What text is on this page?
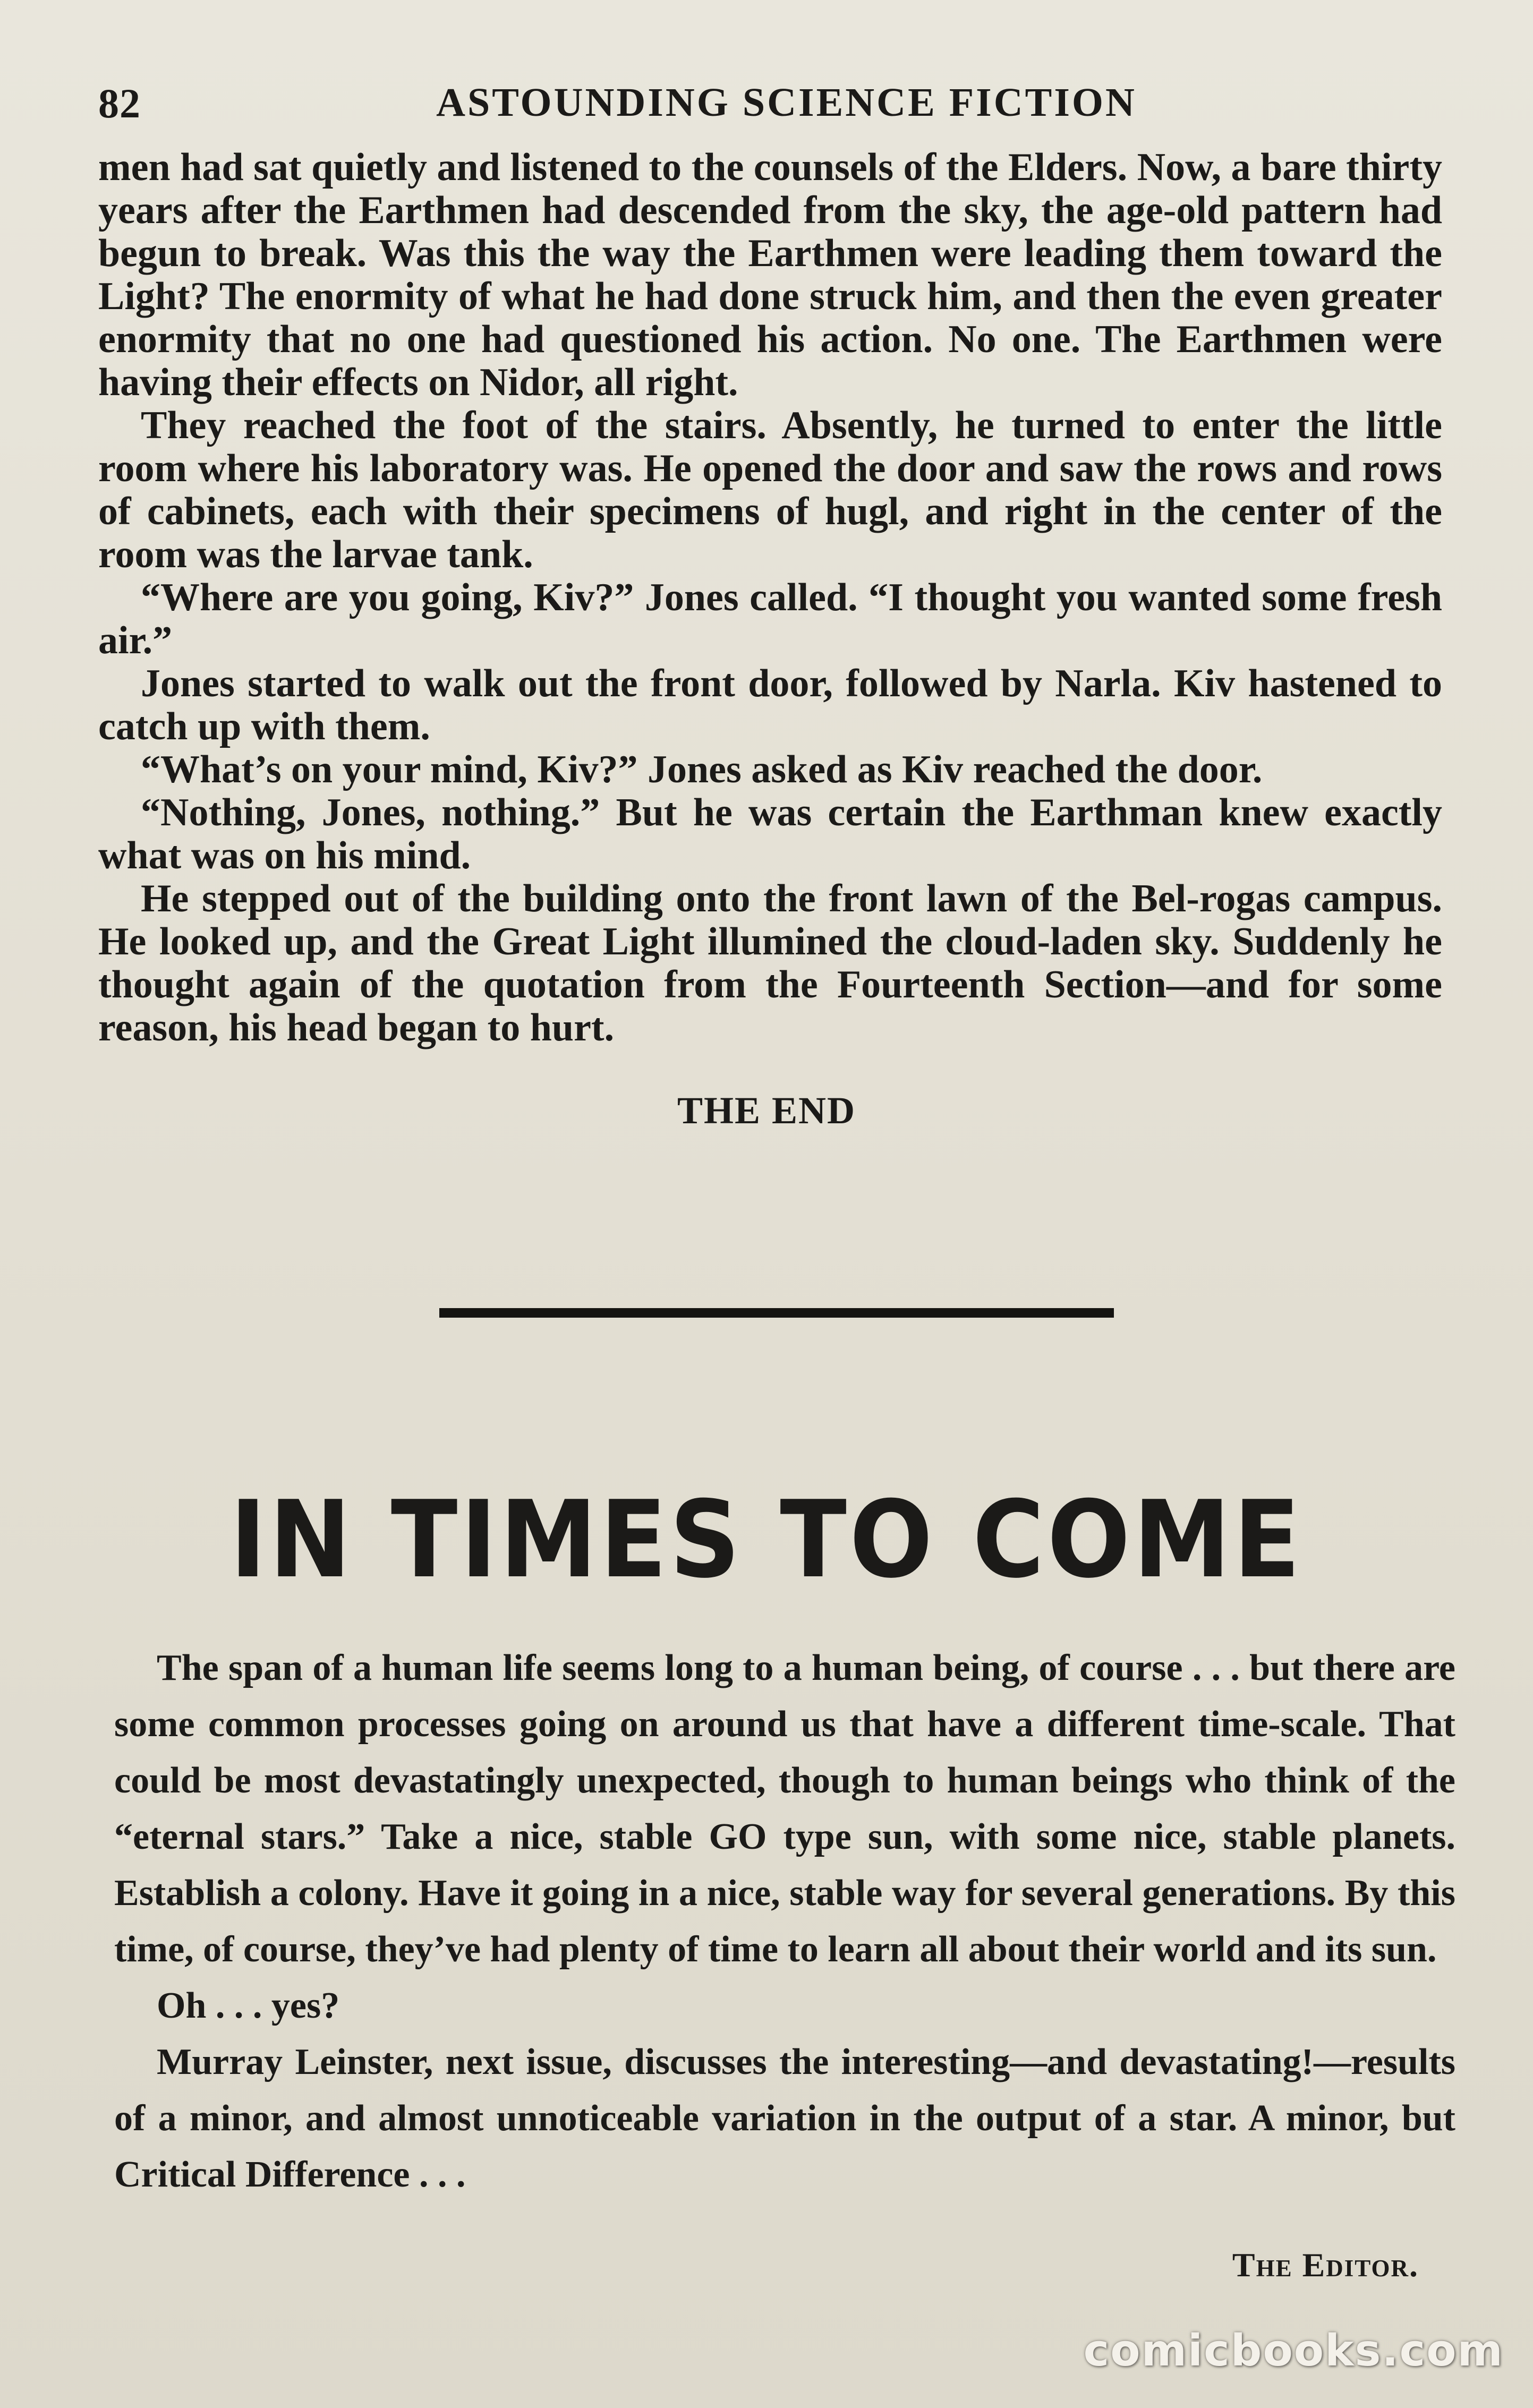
82	ASTOUNDING SCIENCE FICTION

men had sat quietly and listened to the counsels of the Elders. Now, a bare thirty years after the Earthmen had descended from the sky, the age-old pattern had begun to break. Was this the way the Earthmen were leading them toward the Light? The enormity of what he had done struck him, and then the even greater enormity that no one had questioned his action. No one. The Earthmen were having their effects on Nidor, all right.

They reached the foot of the stairs. Absently, he turned to enter the little room where his laboratory was. He opened the door and saw the rows and rows of cabinets, each with their specimens of hugl, and right in the center of the room was the larvae tank.

“Where are you going, Kiv?” Jones called. “I thought you wanted some fresh air.”

Jones started to walk out the front door, followed by Narla. Kiv hastened to catch up with them.

“What’s on your mind, Kiv?” Jones asked as Kiv reached the door.

“Nothing, Jones, nothing.” But he was certain the Earthman knew exactly what was on his mind.

He stepped out of the building onto the front lawn of the Bel-rogas campus. He looked up, and the Great Light illumined the cloud-laden sky. Suddenly he thought again of the quotation from the Fourteenth Section—and for some reason, his head began to hurt.

THE END
IN TIMES TO COME

The span of a human life seems long to a human being, of course . . . but there are some common processes going on around us that have a different time-scale. That could be most devastatingly unexpected, though to human beings who think of the “eternal stars.” Take a nice, stable GO type sun, with some nice, stable planets. Establish a colony. Have it going in a nice, stable way for several generations. By this time, of course, they’ve had plenty of time to learn all about their world and its sun.

Oh . . . yes?

Murray Leinster, next issue, discusses the interesting—and devastating!—results of a minor, and almost unnoticeable variation in the output of a star. A minor, but Critical Difference . . .

The Editor.
comicbooks.com
